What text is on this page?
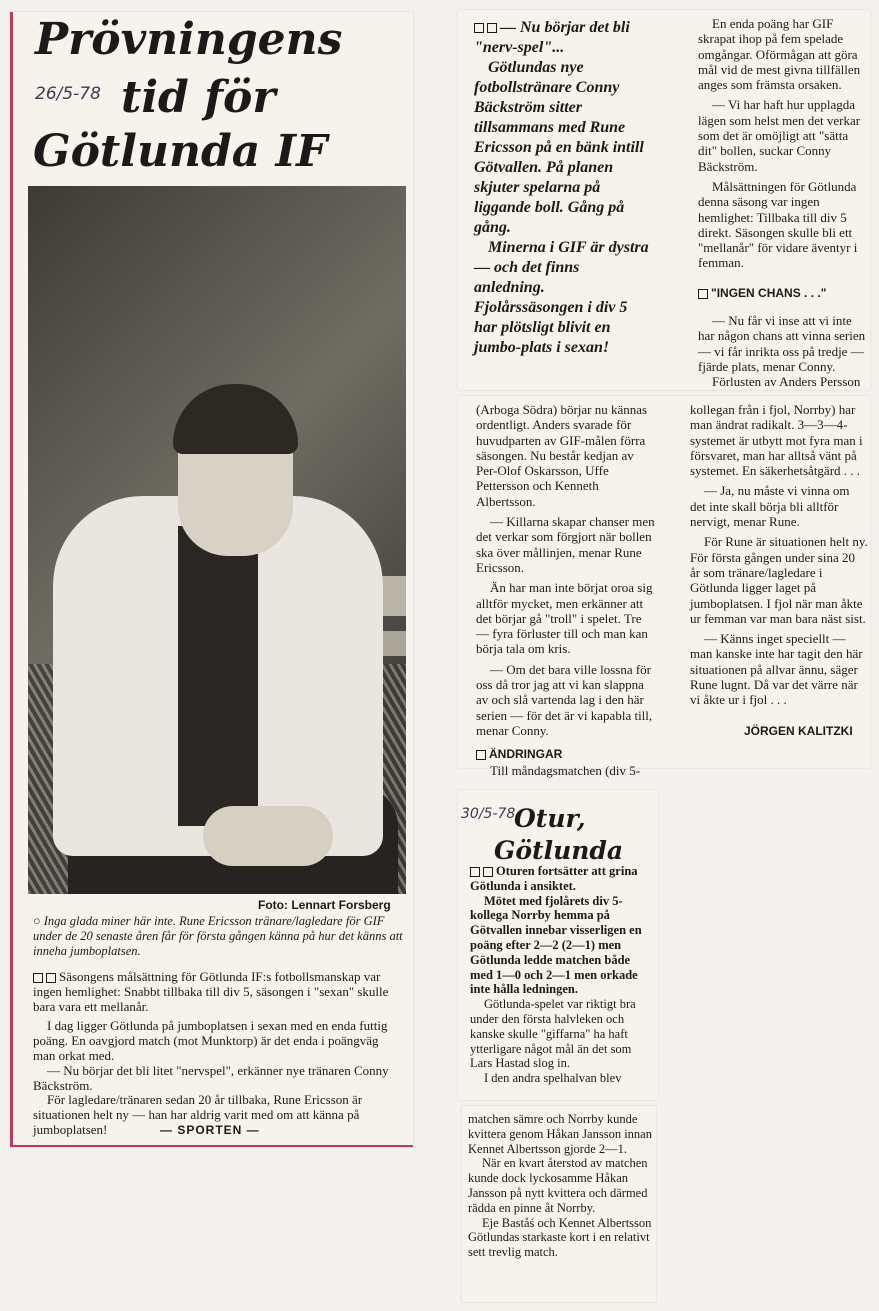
26/5-78
Prövningens
tid för
Götlunda IF
Foto: Lennart Forsberg
○ Inga glada miner här inte. Rune Ericsson tränare/lagledare för GIF under de 20 senaste åren får för första gången känna på hur det känns att inneha jumboplatsen.

Säsongens målsättning för Götlunda IF:s fotbollsmanskap var ingen hemlighet: Snabbt tillbaka till div 5, säsongen i "sexan" skulle bara vara ett mellanår.

I dag ligger Götlunda på jumboplatsen i sexan med en enda futtig poäng. En oavgjord match (mot Munktorp) är det enda i poängväg man orkat med.

— Nu börjar det bli litet "nervspel", erkänner nye tränaren Conny Bäckström.

För lagledare/tränaren sedan 20 år tillbaka, Rune Ericsson är situationen helt ny — han har aldrig varit med om att känna på jumboplatsen!	— SPORTEN —

— Nu börjar det bli "nerv-spel"...

Götlundas nye fotbollstränare Conny Bäckström sitter tillsammans med Rune Ericsson på en bänk intill Götvallen. På planen skjuter spelarna på liggande boll. Gång på gång.

Minerna i GIF är dystra — och det finns anledning. Fjolårssäsongen i div 5 har plötsligt blivit en jumbo-plats i sexan!

En enda poäng har GIF skrapat ihop på fem spelade omgångar. Oförmågan att göra mål vid de mest givna tillfällen anges som främsta orsaken.

— Vi har haft hur upplagda lägen som helst men det verkar som det är omöjligt att "sätta dit" bollen, suckar Conny Bäckström.

Målsättningen för Götlunda denna säsong var ingen hemlighet: Tillbaka till div 5 direkt. Säsongen skulle bli ett "mellanår" för vidare äventyr i femman.

"INGEN CHANS . . ."

— Nu får vi inse att vi inte har någon chans att vinna serien — vi får inrikta oss på tredje — fjärde plats, menar Conny.

Förlusten av Anders Persson

(Arboga Södra) börjar nu kännas ordentligt. Anders svarade för huvudparten av GIF-målen förra säsongen. Nu består kedjan av Per-Olof Oskarsson, Uffe Pettersson och Kenneth Albertsson.

— Killarna skapar chanser men det verkar som förgjort när bollen ska över mållinjen, menar Rune Ericsson.

Än har man inte börjat oroa sig alltför mycket, men erkänner att det börjar gå "troll" i spelet. Tre — fyra förluster till och man kan börja tala om kris.

— Om det bara ville lossna för oss då tror jag att vi kan slappna av och slå vartenda lag i den här serien — för det är vi kapabla till, menar Conny.

ÄNDRINGAR

Till måndagsmatchen (div 5-

kollegan från i fjol, Norrby) har man ändrat radikalt. 3—3—4-systemet är utbytt mot fyra man i försvaret, man har alltså vänt på systemet. En säkerhetsåtgärd . . .

— Ja, nu måste vi vinna om det inte skall börja bli alltför nervigt, menar Rune.

För Rune är situationen helt ny. För första gången under sina 20 år som tränare/lagledare i Götlunda ligger laget på jumboplatsen. I fjol när man åkte ur femman var man bara näst sist.

— Känns inget speciellt — man kanske inte har tagit den här situationen på allvar ännu, säger Rune lugnt. Då var det värre när vi åkte ur i fjol . . .

JÖRGEN KALITZKI

30/5-78
Otur,
Götlunda

Oturen fortsätter att grina Götlunda i ansiktet.

Mötet med fjolårets div 5-kollega Norrby hemma på Götvallen innebar visserligen en poäng efter 2—2 (2—1) men Götlunda ledde matchen både med 1—0 och 2—1 men orkade inte hålla ledningen.

Götlunda-spelet var riktigt bra under den första halvleken och kanske skulle "giffarna" ha haft ytterligare något mål än det som Lars Hastad slog in.

I den andra spelhalvan blev

matchen sämre och Norrby kunde kvittera genom Håkan Jansson innan Kennet Albertsson gjorde 2—1.

När en kvart återstod av matchen kunde dock lyckosamme Håkan Jansson på nytt kvittera och därmed rädda en pinne åt Norrby.

Eje Baståś och Kennet Albertsson Götlundas starkaste kort i en relativt sett trevlig match.
